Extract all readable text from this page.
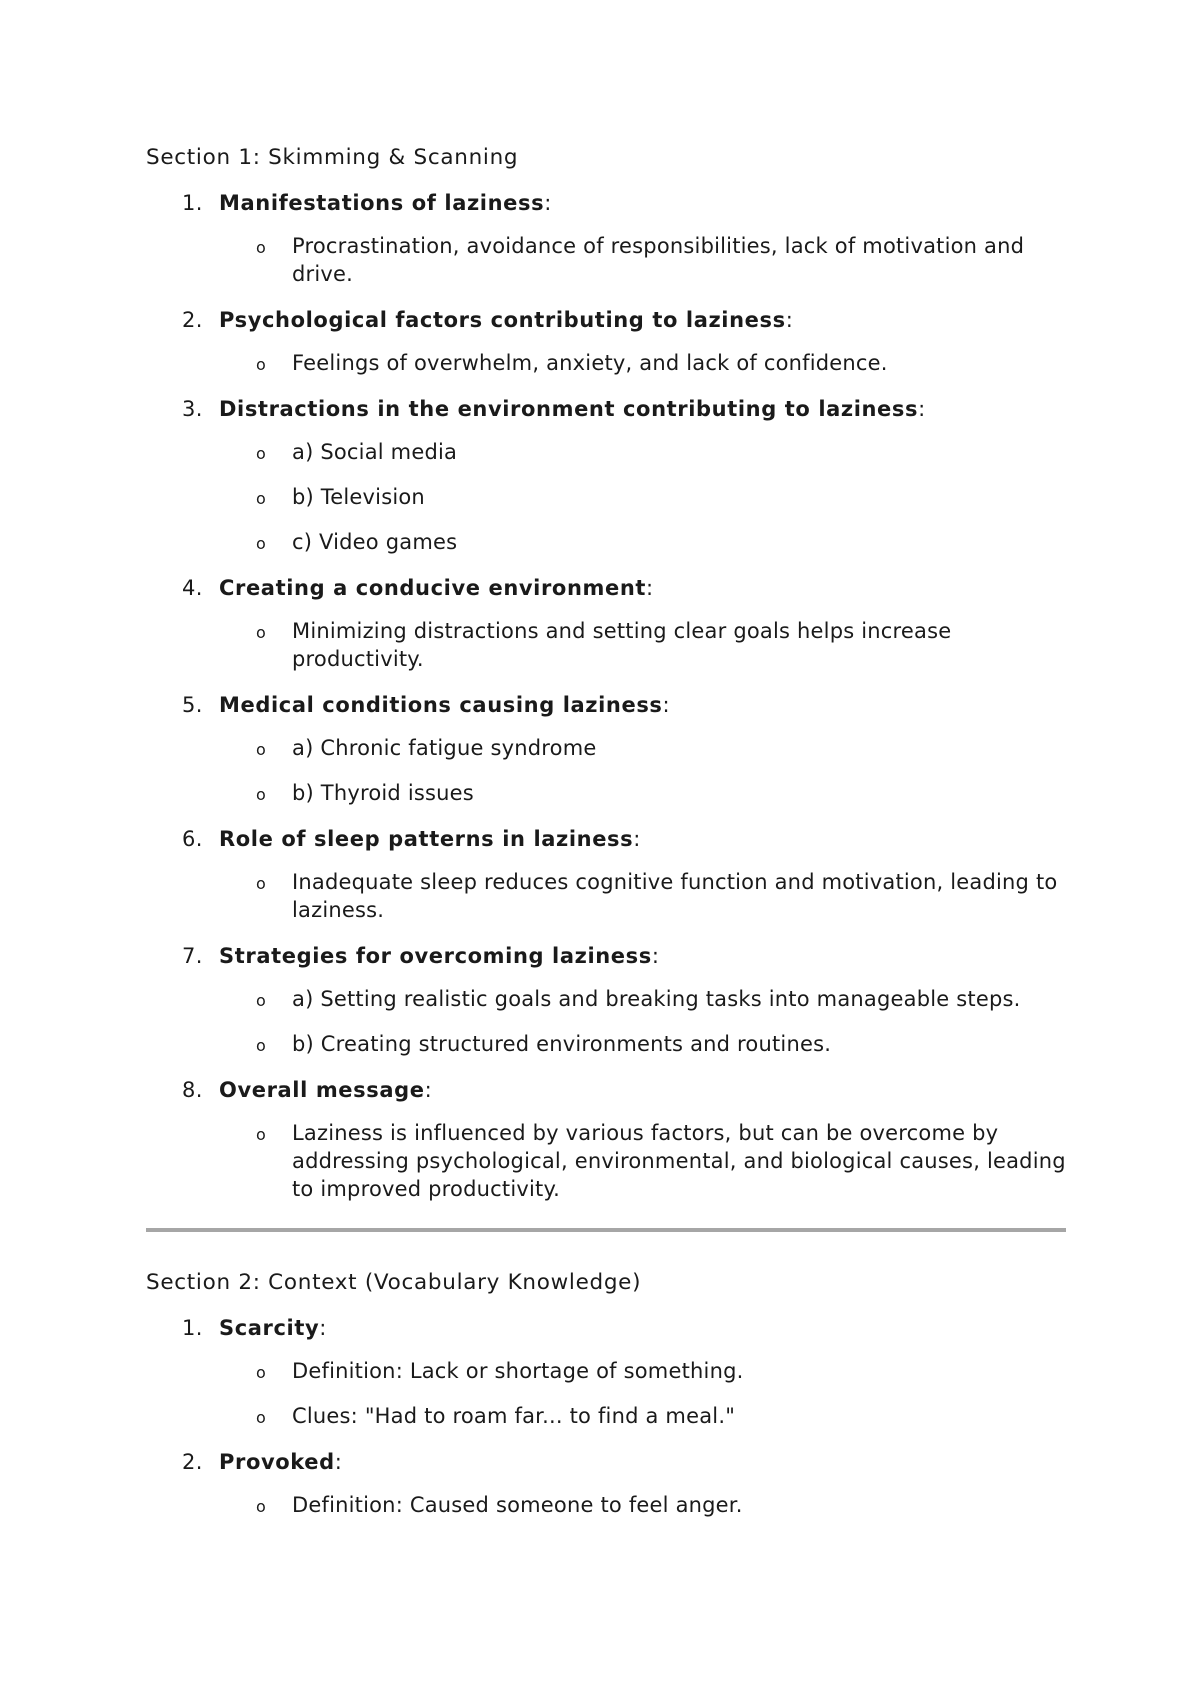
Section 1: Skimming & Scanning
1. Manifestations of laziness:
o Procrastination, avoidance of responsibilities, lack of motivation and drive.
2. Psychological factors contributing to laziness:
o Feelings of overwhelm, anxiety, and lack of confidence.
3. Distractions in the environment contributing to laziness:
o a) Social media
o b) Television
o c) Video games
4. Creating a conducive environment:
o Minimizing distractions and setting clear goals helps increase productivity.
5. Medical conditions causing laziness:
o a) Chronic fatigue syndrome
o b) Thyroid issues
6. Role of sleep patterns in laziness:
o Inadequate sleep reduces cognitive function and motivation, leading to laziness.
7. Strategies for overcoming laziness:
o a) Setting realistic goals and breaking tasks into manageable steps.
o b) Creating structured environments and routines.
8. Overall message:
o Laziness is influenced by various factors, but can be overcome by addressing psychological, environmental, and biological causes, leading to improved productivity.
Section 2: Context (Vocabulary Knowledge)
1. Scarcity:
o Definition: Lack or shortage of something.
o Clues: "Had to roam far... to find a meal."
2. Provoked:
o Definition: Caused someone to feel anger.
